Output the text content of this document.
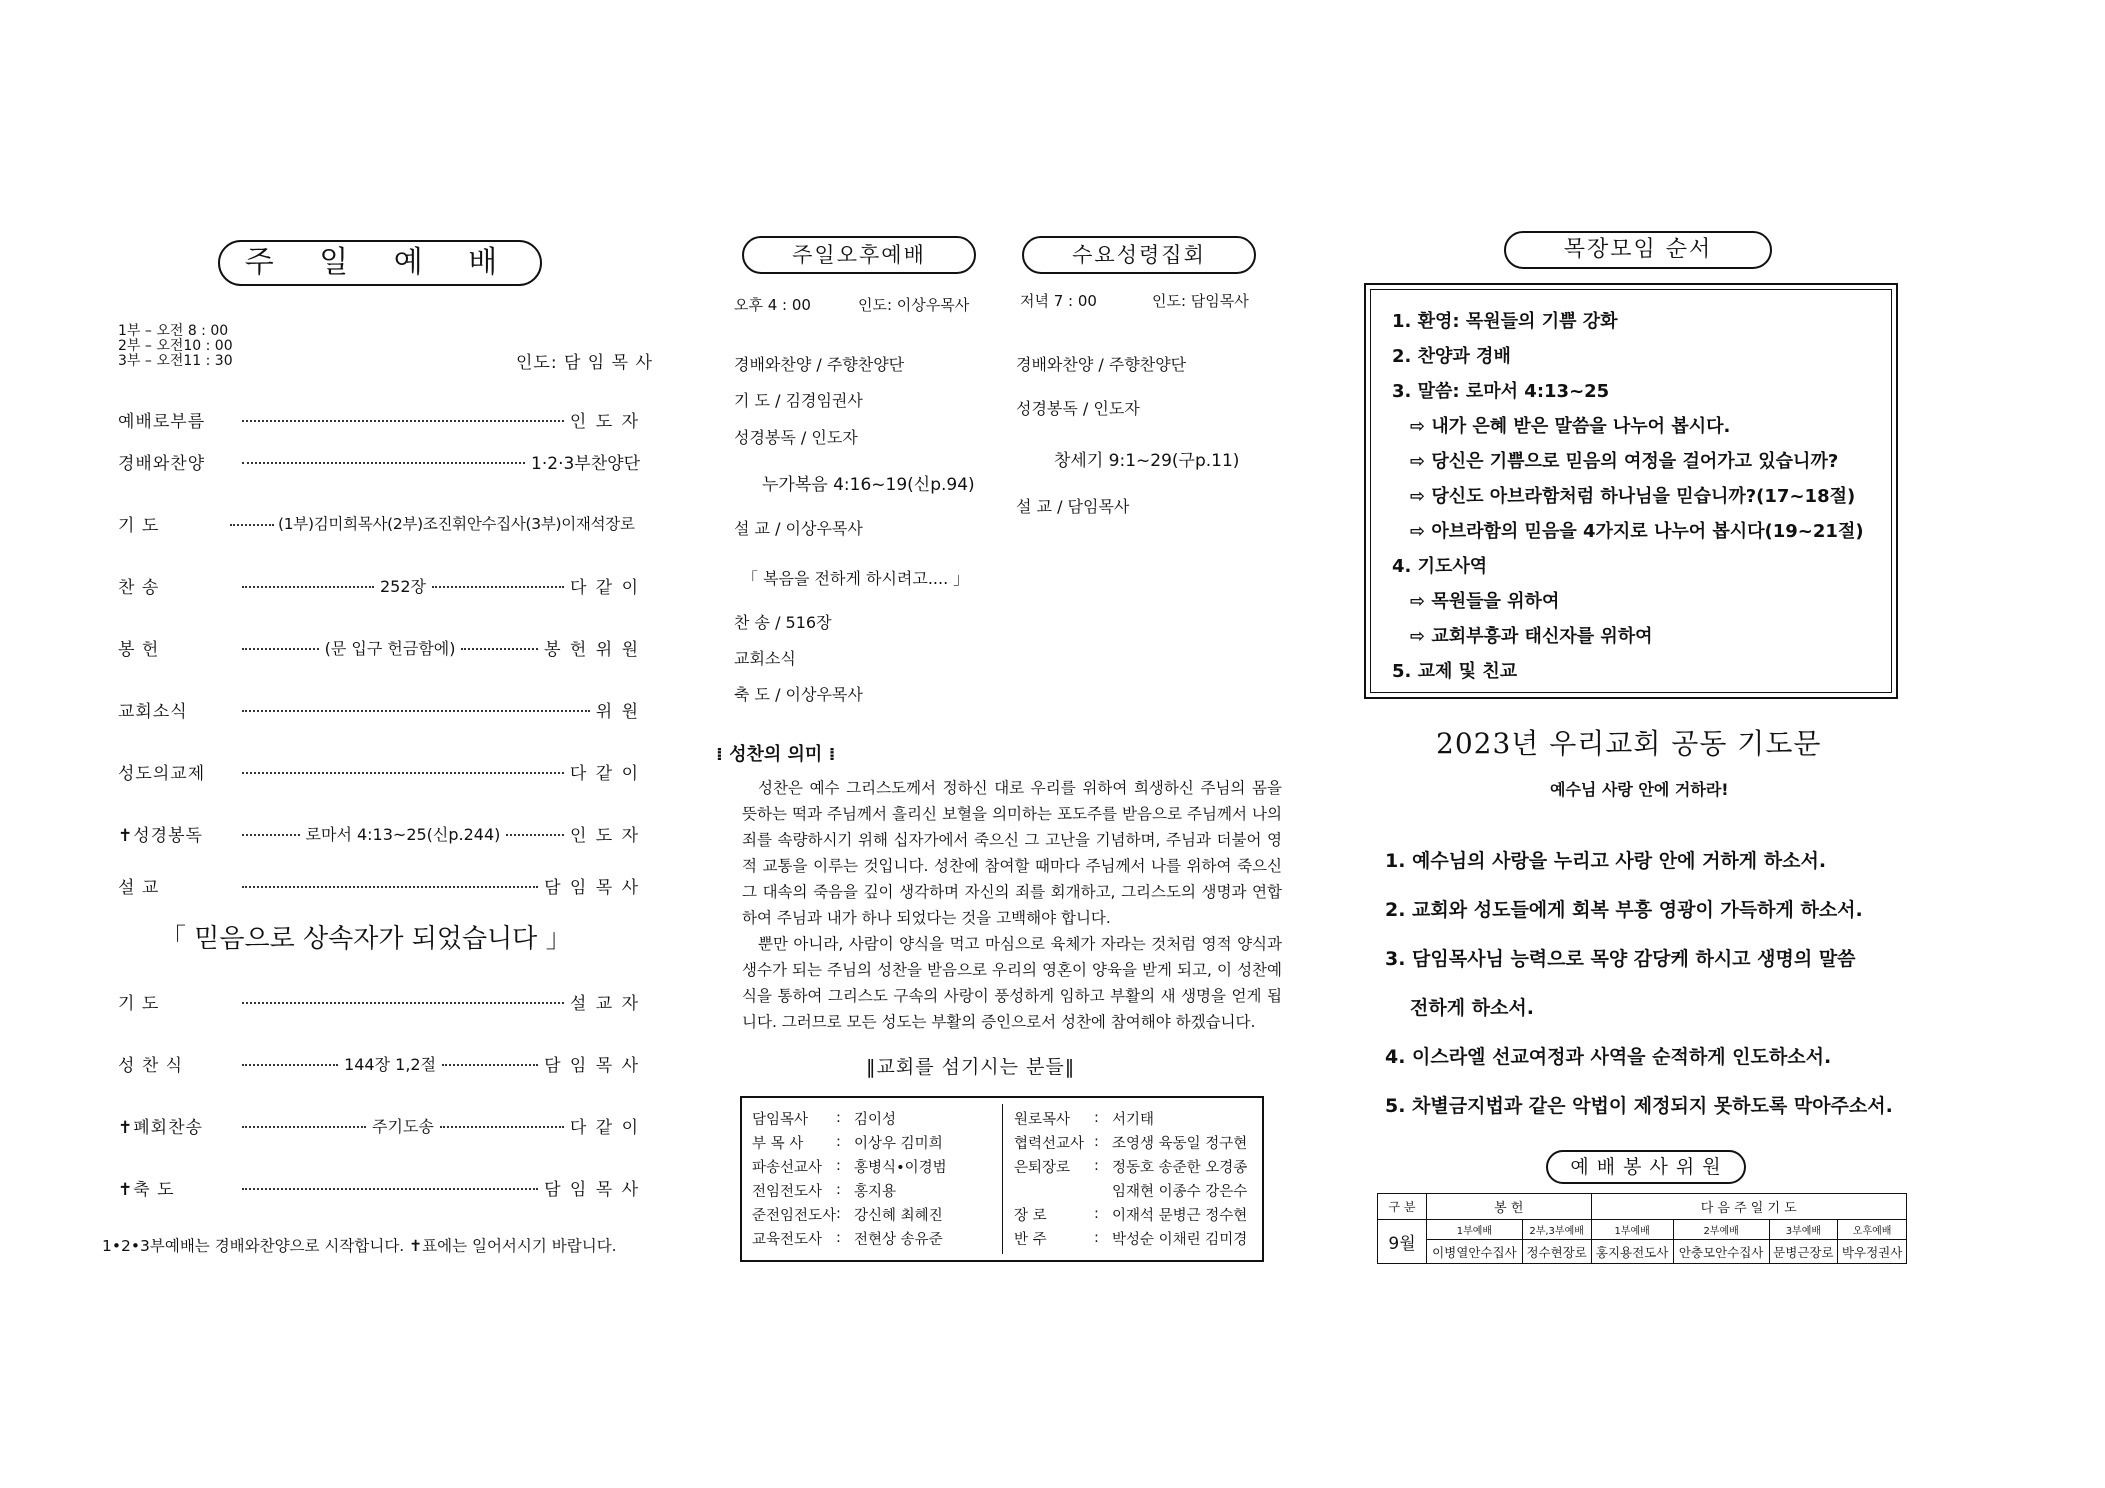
주 일 예 배
1부 – 오전 8 : 00
2부 – 오전10 : 00
3부 – 오전11 : 30	인도: 담 임 목 사
예배로부름	인 도 자
경배와찬양	1·2·3부찬양단
기 도	(1부)김미희목사(2부)조진휘안수집사(3부)이재석장로
찬 송	252장	다 같 이
봉 헌	(문 입구 헌금함에)	봉 헌 위 원
교회소식	위 원
성도의교제	다 같 이
✝성경봉독	로마서 4:13~25(신p.244)	인 도 자
설 교	담 임 목 사
「 믿음으로 상속자가 되었습니다 」
기 도	설 교 자
성 찬 식	144장 1,2절	담 임 목 사
✝폐회찬송	주기도송	다 같 이
✝축 도	담 임 목 사
1•2•3부예배는 경배와찬양으로 시작합니다. ✝표에는 일어서시기 바랍니다.
주일오후예배	수요성령집회
오후 4 : 00	인도: 이상우목사	저녁 7 : 00	인도: 담임목사
경배와찬양 / 주향찬양단
기 도 / 김경임권사
성경봉독 / 인도자
누가복음 4:16~19(신p.94)
설 교 / 이상우목사
「 복음을 전하게 하시려고.... 」
찬 송 / 516장
교회소식
축 도 / 이상우목사
경배와찬양 / 주향찬양단
성경봉독 / 인도자
창세기 9:1~29(구p.11)
설 교 / 담임목사
⁞ 성찬의 의미 ⁞
성찬은 예수 그리스도께서 정하신 대로 우리를 위하여 희생하신 주님의 몸을 뜻하는 떡과 주님께서 흘리신 보혈을 의미하는 포도주를 받음으로 주님께서 나의 죄를 속량하시기 위해 십자가에서 죽으신 그 고난을 기념하며, 주님과 더불어 영적 교통을 이루는 것입니다. 성찬에 참여할 때마다 주님께서 나를 위하여 죽으신 그 대속의 죽음을 깊이 생각하며 자신의 죄를 회개하고, 그리스도의 생명과 연합하여 주님과 내가 하나 되었다는 것을 고백해야 합니다.
뿐만 아니라, 사람이 양식을 먹고 마심으로 육체가 자라는 것처럼 영적 양식과 생수가 되는 주님의 성찬을 받음으로 우리의 영혼이 양육을 받게 되고, 이 성찬예식을 통하여 그리스도 구속의 사랑이 풍성하게 임하고 부활의 새 생명을 얻게 됩니다. 그러므로 모든 성도는 부활의 증인으로서 성찬에 참여해야 하겠습니다.
‖교회를 섬기시는 분들‖
담임목사	:	김이성
부 목 사	:	이상우 김미희
파송선교사	:	홍병식•이경범
전임전도사	:	홍지용
준전임전도사	:	강신혜 최혜진
교육전도사	:	전현상 송유준
원로목사	:	서기태
협력선교사	:	조영생 육동일 정구현
은퇴장로	:	정동호 송준한 오경종
		임재현 이종수 강은수
장 로	:	이재석 문병근 정수현
반 주	:	박성순 이채린 김미경
목장모임 순서
1. 환영: 목원들의 기쁨 강화
2. 찬양과 경배
3. 말씀: 로마서 4:13~25
⇨ 내가 은혜 받은 말씀을 나누어 봅시다.
⇨ 당신은 기쁨으로 믿음의 여정을 걸어가고 있습니까?
⇨ 당신도 아브라함처럼 하나님을 믿습니까?(17~18절)
⇨ 아브라함의 믿음을 4가지로 나누어 봅시다(19~21절)
4. 기도사역
⇨ 목원들을 위하여
⇨ 교회부흥과 태신자를 위하여
5. 교제 및 친교
2023년 우리교회 공동 기도문
예수님 사랑 안에 거하라!
1. 예수님의 사랑을 누리고 사랑 안에 거하게 하소서.
2. 교회와 성도들에게 회복 부흥 영광이 가득하게 하소서.
3. 담임목사님 능력으로 목양 감당케 하시고 생명의 말씀
전하게 하소서.
4. 이스라엘 선교여정과 사역을 순적하게 인도하소서.
5. 차별금지법과 같은 악법이 제정되지 못하도록 막아주소서.
예 배 봉 사 위 원
구 분	봉 헌		다 음 주 일 기 도			
9월	1부예배	2부,3부예배	1부예배	2부예배	3부예배	오후예배
	이병열안수집사	정수현장로	홍지용전도사	안충모안수집사	문병근장로	박우정권사
